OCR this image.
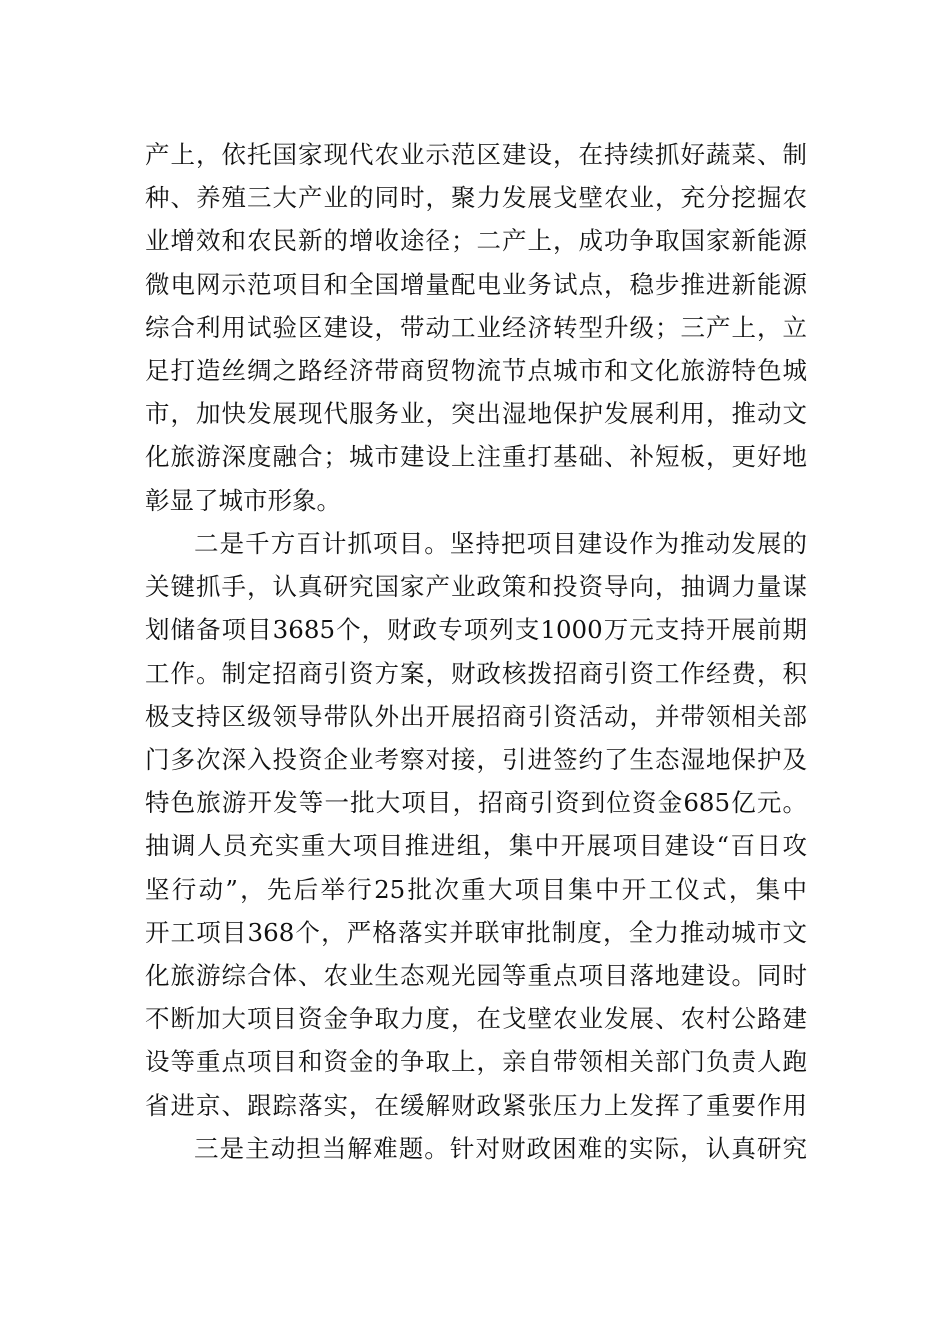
产上，依托国家现代农业示范区建设，在持续抓好蔬菜、制
种、养殖三大产业的同时，聚力发展戈壁农业，充分挖掘农
业增效和农民新的增收途径；二产上，成功争取国家新能源
微电网示范项目和全国增量配电业务试点，稳步推进新能源
综合利用试验区建设，带动工业经济转型升级；三产上，立
足打造丝绸之路经济带商贸物流节点城市和文化旅游特色城
市，加快发展现代服务业，突出湿地保护发展利用，推动文
化旅游深度融合；城市建设上注重打基础、补短板，更好地
彰显了城市形象。
二是千方百计抓项目。坚持把项目建设作为推动发展的
关键抓手，认真研究国家产业政策和投资导向，抽调力量谋
划储备项目3685个，财政专项列支1000万元支持开展前期
工作。制定招商引资方案，财政核拨招商引资工作经费，积
极支持区级领导带队外出开展招商引资活动，并带领相关部
门多次深入投资企业考察对接，引进签约了生态湿地保护及
特色旅游开发等一批大项目，招商引资到位资金685亿元。
抽调人员充实重大项目推进组，集中开展项目建设“百日攻
坚行动”，先后举行25批次重大项目集中开工仪式，集中
开工项目368个，严格落实并联审批制度，全力推动城市文
化旅游综合体、农业生态观光园等重点项目落地建设。同时
不断加大项目资金争取力度，在戈壁农业发展、农村公路建
设等重点项目和资金的争取上，亲自带领相关部门负责人跑
省进京、跟踪落实，在缓解财政紧张压力上发挥了重要作用
三是主动担当解难题。针对财政困难的实际，认真研究
